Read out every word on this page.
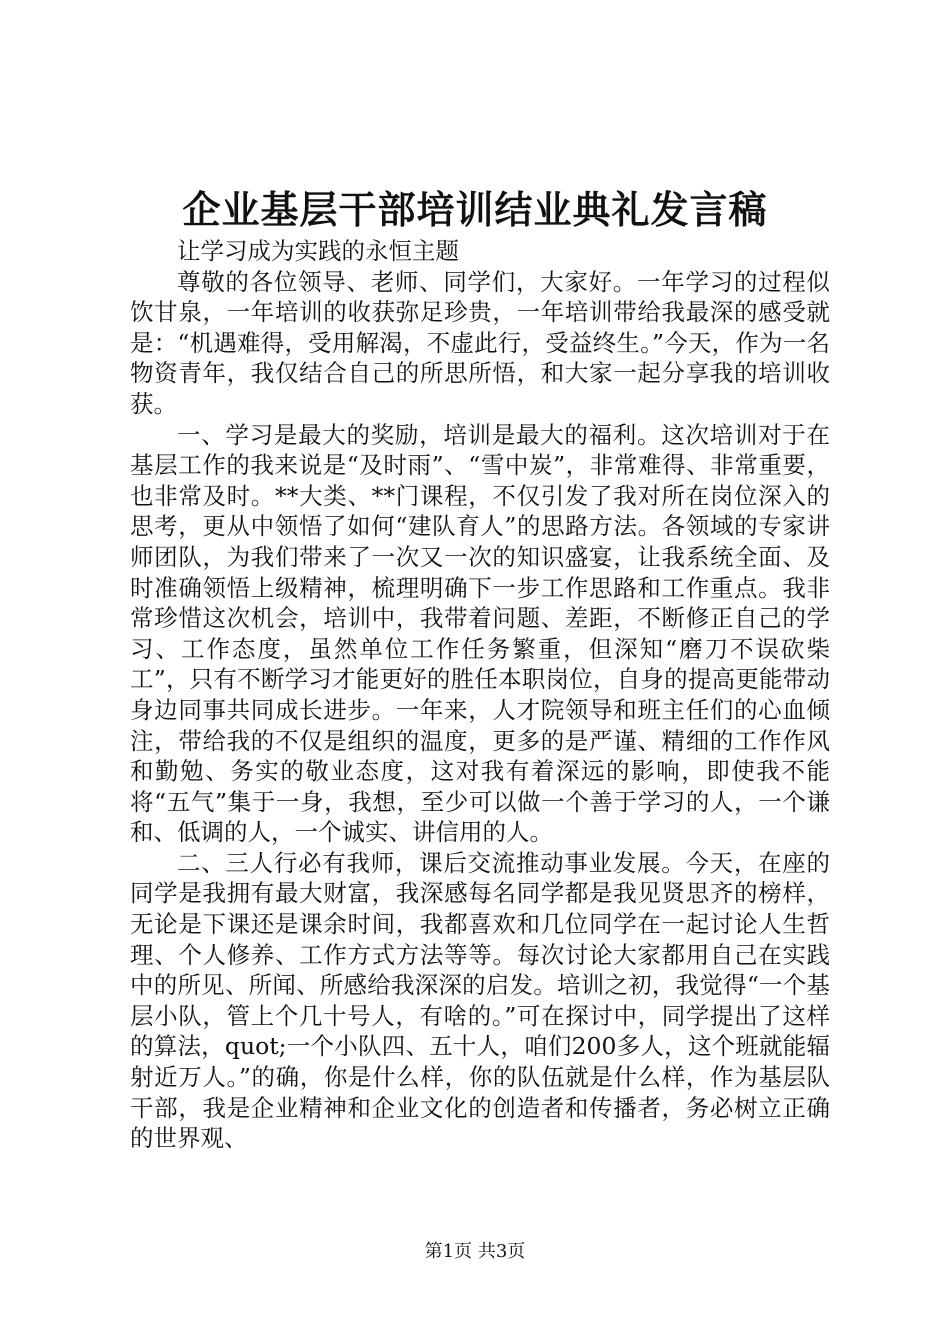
企业基层干部培训结业典礼发言稿

让学习成为实践的永恒主题

尊敬的各位领导、老师、同学们，大家好。一年学习的过程似饮甘泉，一年培训的收获弥足珍贵，一年培训带给我最深的感受就是：“机遇难得，受用解渴，不虚此行，受益终生。”今天，作为一名物资青年，我仅结合自己的所思所悟，和大家一起分享我的培训收获。

一、学习是最大的奖励，培训是最大的福利。这次培训对于在基层工作的我来说是“及时雨”、“雪中炭”，非常难得、非常重要，也非常及时。**大类、**门课程，不仅引发了我对所在岗位深入的思考，更从中领悟了如何“建队育人”的思路方法。各领域的专家讲师团队，为我们带来了一次又一次的知识盛宴，让我系统全面、及时准确领悟上级精神，梳理明确下一步工作思路和工作重点。我非常珍惜这次机会，培训中，我带着问题、差距，不断修正自己的学习、工作态度，虽然单位工作任务繁重，但深知“磨刀不误砍柴工”，只有不断学习才能更好的胜任本职岗位，自身的提高更能带动身边同事共同成长进步。一年来，人才院领导和班主任们的心血倾注，带给我的不仅是组织的温度，更多的是严谨、精细的工作作风和勤勉、务实的敬业态度，这对我有着深远的影响，即使我不能将“五气”集于一身，我想，至少可以做一个善于学习的人，一个谦和、低调的人，一个诚实、讲信用的人。

二、三人行必有我师，课后交流推动事业发展。今天，在座的同学是我拥有最大财富，我深感每名同学都是我见贤思齐的榜样，无论是下课还是课余时间，我都喜欢和几位同学在一起讨论人生哲理、个人修养、工作方式方法等等。每次讨论大家都用自己在实践中的所见、所闻、所感给我深深的启发。培训之初，我觉得“一个基层小队，管上个几十号人，有啥的。”可在探讨中，同学提出了这样的算法，quot;一个小队四、五十人，咱们200多人，这个班就能辐射近万人。”的确，你是什么样，你的队伍就是什么样，作为基层队干部，我是企业精神和企业文化的创造者和传播者，务必树立正确的世界观、

第1页 共3页
